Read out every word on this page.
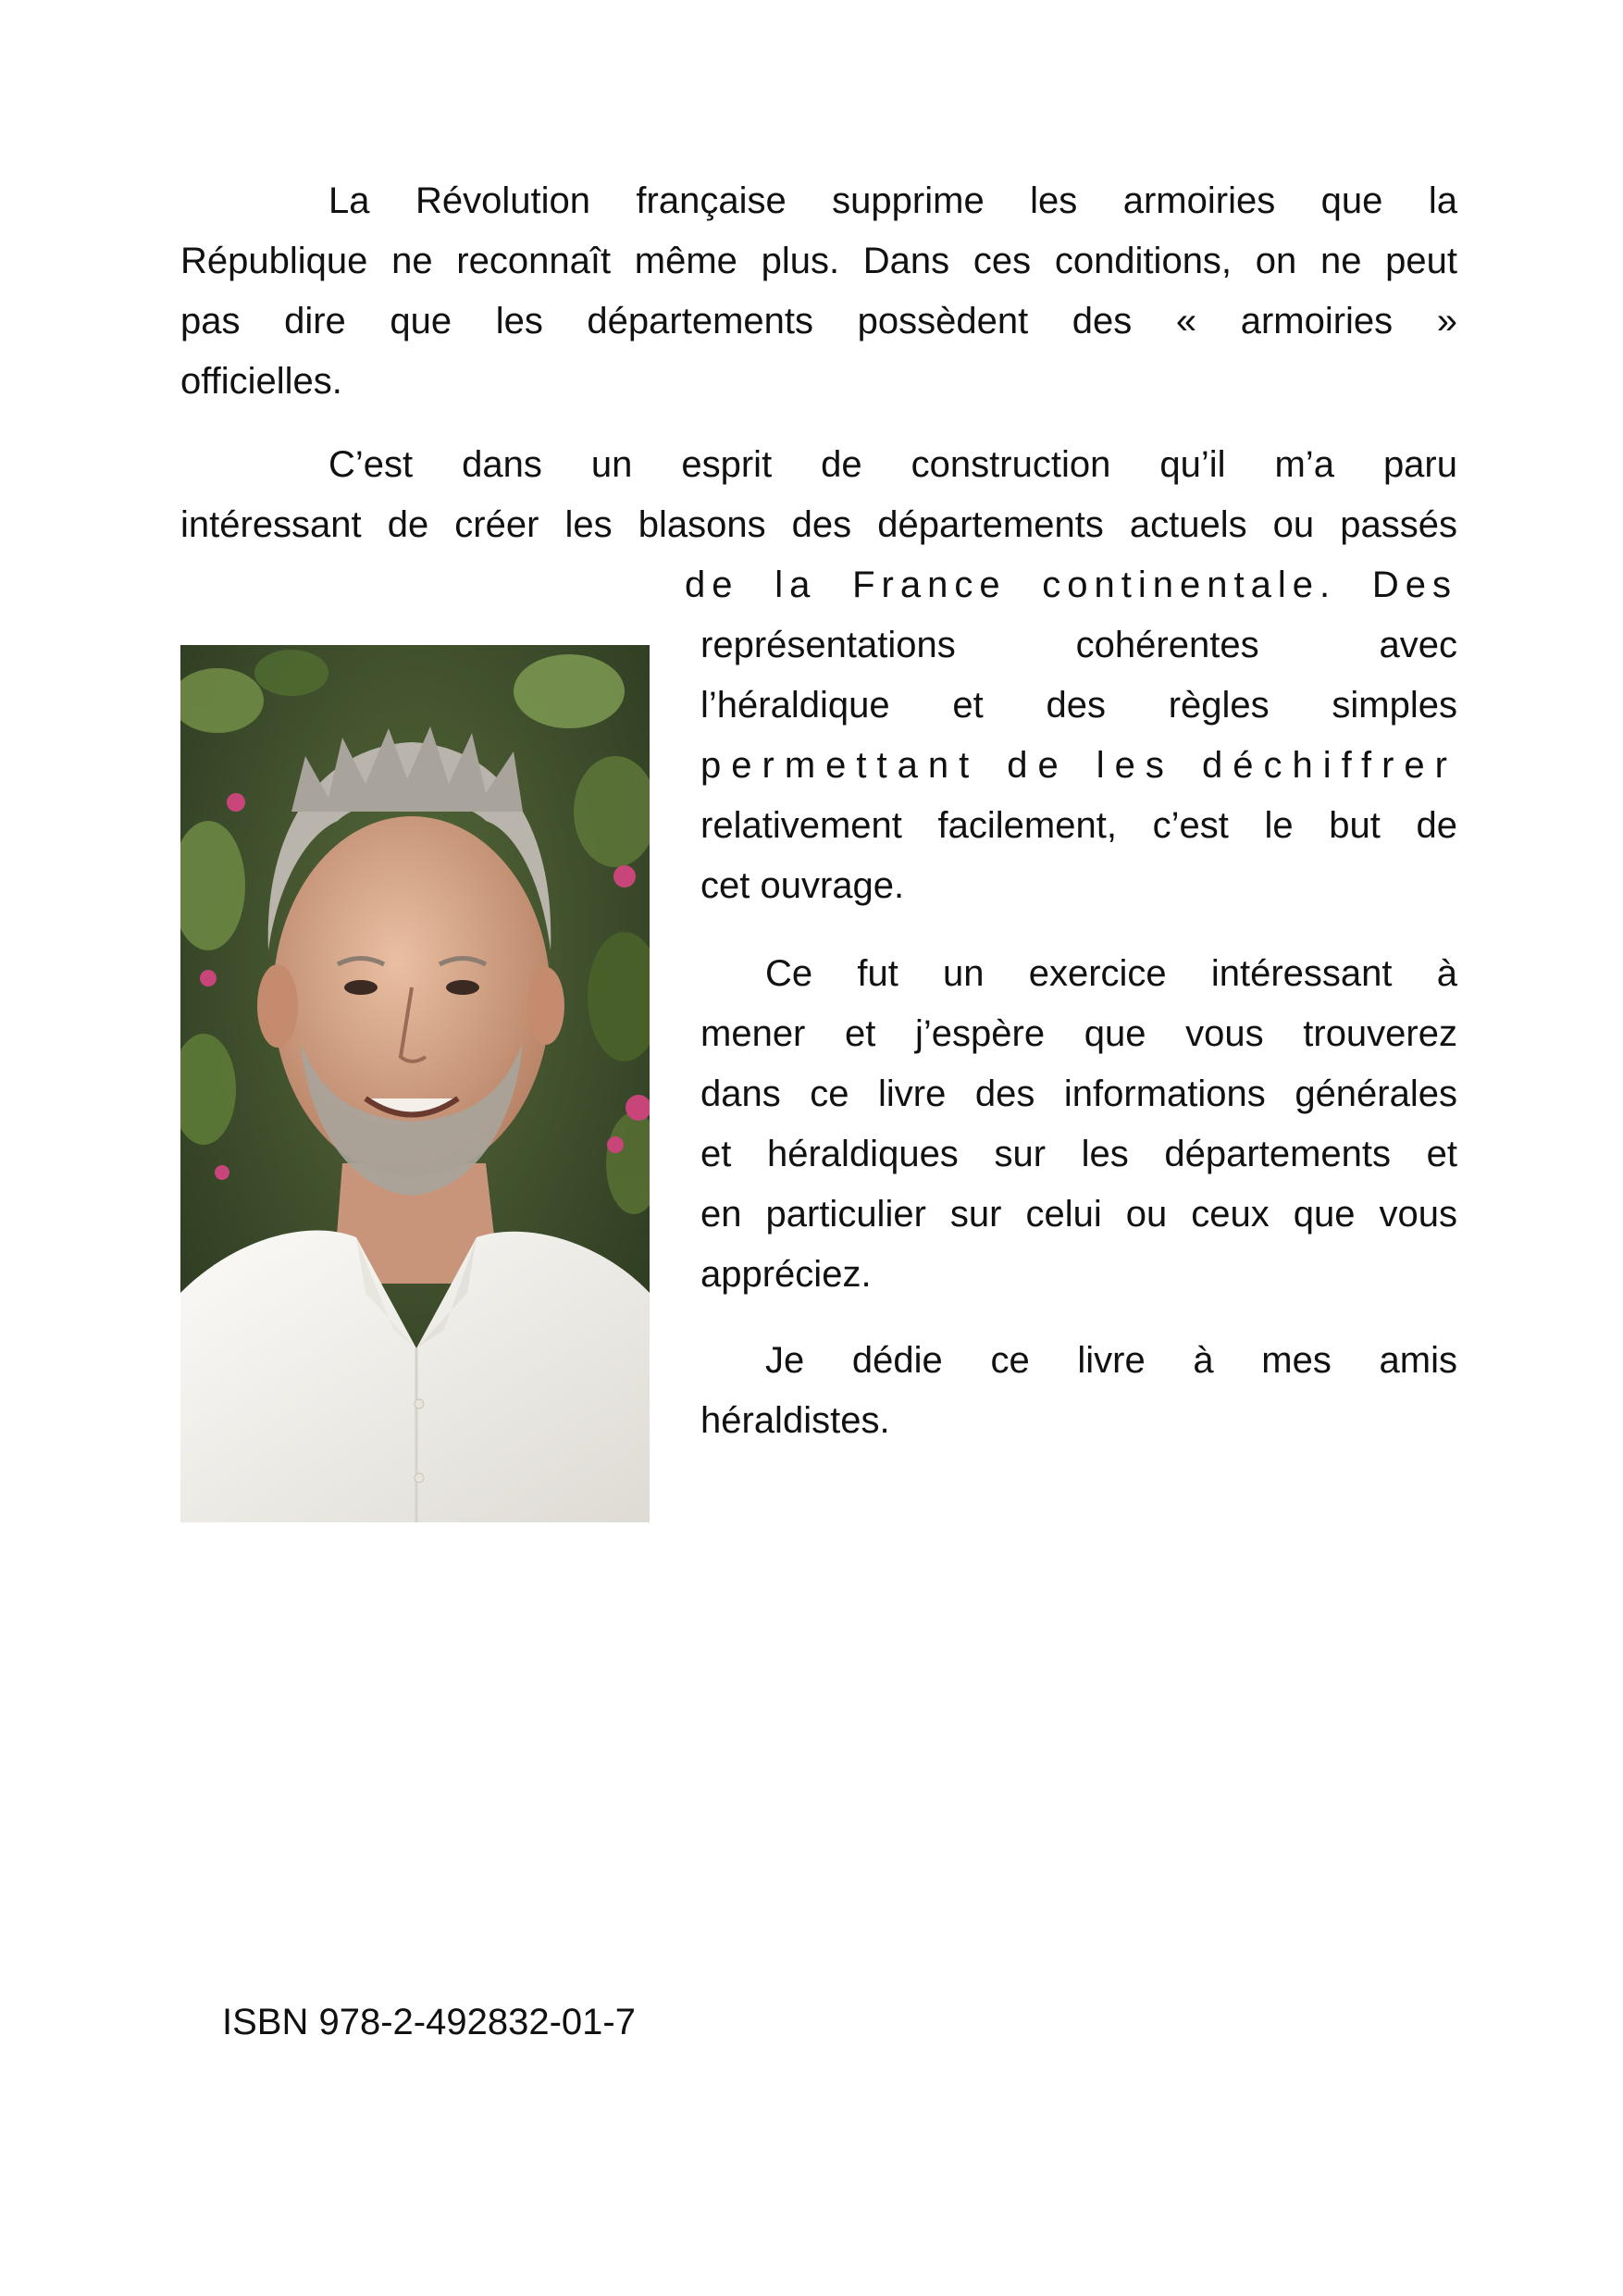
La Révolution française supprime les armoiries que la
République ne reconnaît même plus. Dans ces conditions, on ne peut
pas dire que les départements possèdent des « armoiries »
officielles.
C’est dans un esprit de construction qu’il m’a paru
intéressant de créer les blasons des départements actuels ou passés
de la France continentale. Des
représentations cohérentes avec
l’héraldique et des règles simples
permettant de les déchiffrer
relativement facilement, c’est le but de
cet ouvrage.
Ce fut un exercice intéressant à
mener et j’espère que vous trouverez
dans ce livre des informations générales
et héraldiques sur les départements et
en particulier sur celui ou ceux que vous
appréciez.
Je dédie ce livre à mes amis
héraldistes.

ISBN 978-2-492832-01-7
